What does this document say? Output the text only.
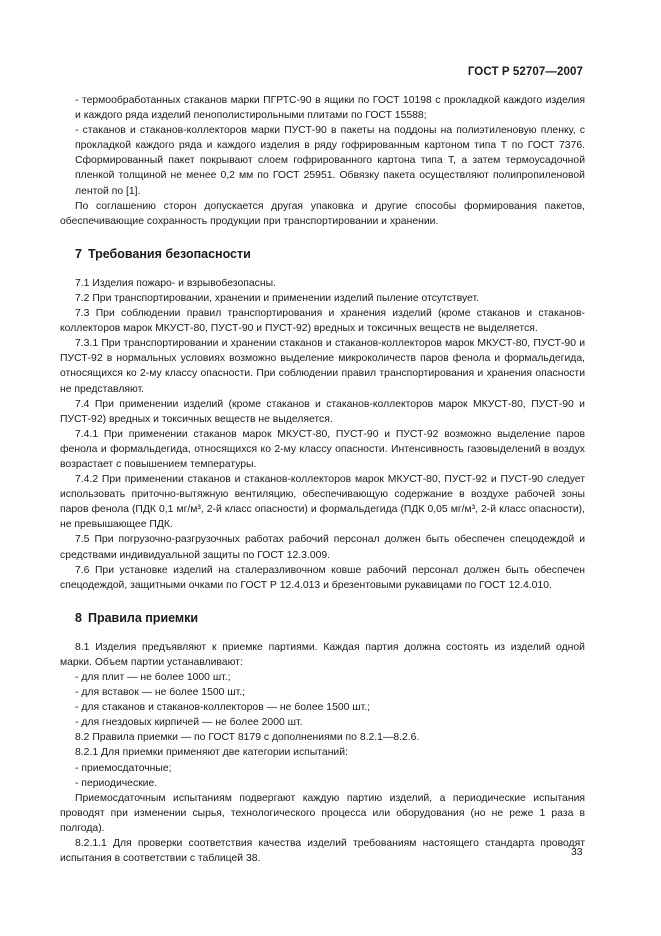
ГОСТ Р 52707—2007

- термообработанных стаканов марки ПГРТС-90 в ящики по ГОСТ 10198 с прокладкой каждого изделия и каждого ряда изделий пенополистирольными плитами по ГОСТ 15588;

- стаканов и стаканов-коллекторов марки ПУСТ-90 в пакеты на поддоны на полиэтиленовую пленку, с прокладкой каждого ряда и каждого изделия в ряду гофрированным картоном типа Т по ГОСТ 7376. Сформированный пакет покрывают слоем гофрированного картона типа Т, а затем термоусадочной пленкой толщиной не менее 0,2 мм по ГОСТ 25951. Обвязку пакета осуществляют полипропиленовой лентой по [1].

По соглашению сторон допускается другая упаковка и другие способы формирования пакетов, обеспечивающие сохранность продукции при транспортировании и хранении.

7 Требования безопасности

7.1 Изделия пожаро- и взрывобезопасны.

7.2 При транспортировании, хранении и применении изделий пыление отсутствует.

7.3 При соблюдении правил транспортирования и хранения изделий (кроме стаканов и стаканов-коллекторов марок МКУСТ-80, ПУСТ-90 и ПУСТ-92) вредных и токсичных веществ не выделяется.

7.3.1 При транспортировании и хранении стаканов и стаканов-коллекторов марок МКУСТ-80, ПУСТ-90 и ПУСТ-92 в нормальных условиях возможно выделение микроколичеств паров фенола и формальдегида, относящихся ко 2-му классу опасности. При соблюдении правил транспортирования и хранения опасности не представляют.

7.4 При применении изделий (кроме стаканов и стаканов-коллекторов марок МКУСТ-80, ПУСТ-90 и ПУСТ-92) вредных и токсичных веществ не выделяется.

7.4.1 При применении стаканов марок МКУСТ-80, ПУСТ-90 и ПУСТ-92 возможно выделение паров фенола и формальдегида, относящихся ко 2-му классу опасности. Интенсивность газовыделений в воздух возрастает с повышением температуры.

7.4.2 При применении стаканов и стаканов-коллекторов марок МКУСТ-80, ПУСТ-92 и ПУСТ-90 следует использовать приточно-вытяжную вентиляцию, обеспечивающую содержание в воздухе рабочей зоны паров фенола (ПДК 0,1 мг/м³, 2-й класс опасности) и формальдегида (ПДК 0,05 мг/м³, 2-й класс опасности), не превышающее ПДК.

7.5 При погрузочно-разгрузочных работах рабочий персонал должен быть обеспечен спецодеждой и средствами индивидуальной защиты по ГОСТ 12.3.009.

7.6 При установке изделий на сталеразливочном ковше рабочий персонал должен быть обеспечен спецодеждой, защитными очками по ГОСТ Р 12.4.013 и брезентовыми рукавицами по ГОСТ 12.4.010.

8 Правила приемки

8.1 Изделия предъявляют к приемке партиями. Каждая партия должна состоять из изделий одной марки. Объем партии устанавливают:

- для плит — не более 1000 шт.;

- для вставок — не более 1500 шт.;

- для стаканов и стаканов-коллекторов — не более 1500 шт.;

- для гнездовых кирпичей — не более 2000 шт.

8.2 Правила приемки — по ГОСТ 8179 с дополнениями по 8.2.1—8.2.6.

8.2.1 Для приемки применяют две категории испытаний:

- приемосдаточные;

- периодические.

Приемосдаточным испытаниям подвергают каждую партию изделий, а периодические испытания проводят при изменении сырья, технологического процесса или оборудования (но не реже 1 раза в полгода).

8.2.1.1 Для проверки соответствия качества изделий требованиям настоящего стандарта проводят испытания в соответствии с таблицей 38.

33
